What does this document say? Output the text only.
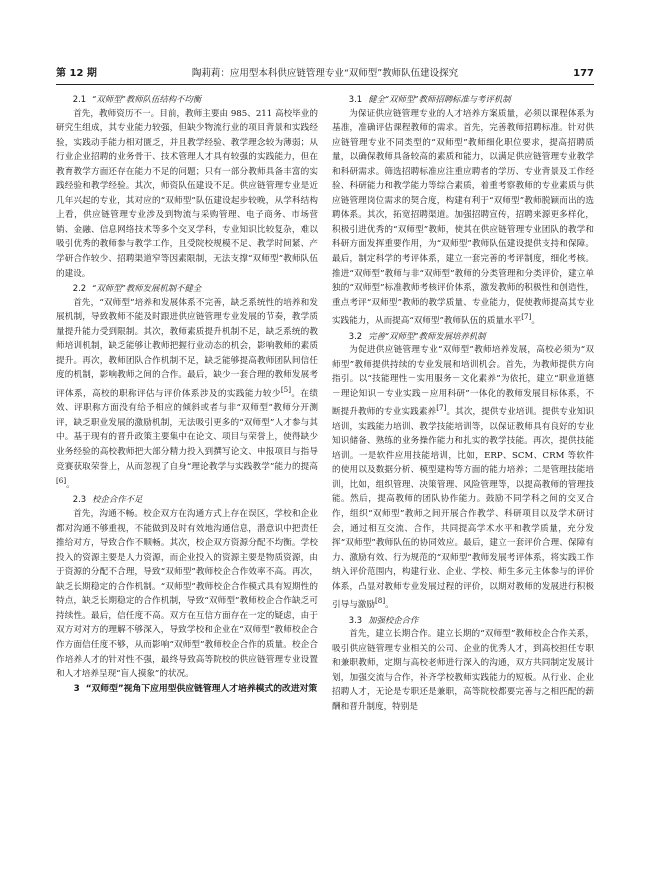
第 12 期	陶莉莉：应用型本科供应链管理专业“双师型”教师队伍建设探究	177

2.1 “双师型”教师队伍结构不均衡

首先，教师资历不一。目前，教师主要由 985、211 高校毕业的研究生组成，其专业能力较强，但缺少物流行业的项目背景和实践经验，实践动手能力相对匮乏，并且教学经验、教学理念较为薄弱；从行业企业招聘的业务骨干、技术管理人才具有较强的实践能力，但在教育教学方面还存在能力不足的问题；只有一部分教师具备丰富的实践经验和教学经验。其次，师资队伍建设不足。供应链管理专业是近几年兴起的专业，其对应的“双师型”队伍建设起步较晚，从学科结构上看，供应链管理专业涉及到物流与采购管理、电子商务、市场营销、金融、信息网络技术等多个交叉学科，专业知识比较复杂，难以吸引优秀的教师参与教学工作，且受院校规模不足、教学时间紧、产学研合作较少、招聘渠道窄等因素限制，无法支撑“双师型”教师队伍的建设。

2.2 “双师型”教师发展机制不健全

首先，“双师型”培养和发展体系不完善，缺乏系统性的培养和发展机制，导致教师不能及时跟进供应链管理专业发展的节奏，教学质量提升能力受到限制。其次，教师素质提升机制不足，缺乏系统的教师培训机制，缺乏能够让教师把握行业动态的机会，影响教师的素质提升。再次，教师团队合作机制不足，缺乏能够提高教师团队间信任度的机制，影响教师之间的合作。最后，缺少一套合理的教师发展考评体系，高校的职称评估与评价体系涉及的实践能力较少[5]。在绩效、评职称方面没有给予相应的倾斜或者与非“双师型”教师分开测评，缺乏职业发展的激励机制，无法吸引更多的“双师型”人才参与其中。基于现有的晋升政策主要集中在论文、项目与荣誉上，使得缺少业务经验的高校教师把大部分精力投入到撰写论文、申报项目与指导竞赛获取荣誉上，从而忽视了自身“理论教学与实践教学”能力的提高[6]。

2.3 校企合作不足

首先，沟通不畅。校企双方在沟通方式上存在误区，学校和企业都对沟通不够重视，不能做到及时有效地沟通信息，潜意识中把责任推给对方，导致合作不顺畅。其次，校企双方资源分配不均衡。学校投入的资源主要是人力资源，而企业投入的资源主要是物质资源，由于资源的分配不合理，导致“双师型”教师校企合作效率不高。再次，缺乏长期稳定的合作机制。“双师型”教师校企合作模式具有短期性的特点，缺乏长期稳定的合作机制，导致“双师型”教师校企合作缺乏可持续性。最后，信任度不高。双方在互信方面存在一定的疑虑，由于双方对对方的理解不够深入，导致学校和企业在“双师型”教师校企合作方面信任度不够，从而影响“双师型”教师校企合作的质量。校企合作培养人才的针对性不强，最终导致高等院校的供应链管理专业设置和人才培养呈现“盲人摸象”的状况。

3 “双师型”视角下应用型供应链管理人才培养模式的改进对策

3.1 健全“双师型”教师招聘标准与考评机制

为保证供应链管理专业的人才培养方案质量，必须以课程体系为基准，准确评估课程教师的需求。首先，完善教师招聘标准。针对供应链管理专业不同类型的“双师型”教师细化职位要求，提高招聘质量，以确保教师具备较高的素质和能力，以满足供应链管理专业教学和科研需求。筛选招聘标准应注重应聘者的学历、专业背景及工作经验、科研能力和教学能力等综合素质，着重考察教师的专业素质与供应链管理岗位需求的契合度，构建有利于“双师型”教师脱颖而出的选聘体系。其次，拓宽招聘渠道。加强招聘宣传，招聘来源更多样化，积极引进优秀的“双师型”教师，使其在供应链管理专业团队的教学和科研方面发挥重要作用，为“双师型”教师队伍建设提供支持和保障。最后，制定科学的考评体系，建立一套完善的考评制度，细化考核。推进“双师型”教师与非“双师型”教师的分类管理和分类评价，建立单独的“双师型”标准教师考核评价体系，激发教师的积极性和创造性，重点考评“双师型”教师的教学质量、专业能力，促使教师提高其专业实践能力，从而提高“双师型”教师队伍的质量水平[7]。

3.2 完善“双师型”教师发展培养机制

为促进供应链管理专业“双师型”教师培养发展，高校必须为“双师型”教师提供持续的专业发展和培训机会。首先，为教师提供方向指引。以“技能理性－实用服务－文化素养”为依托，建立“职业道德－理论知识－专业实践－应用科研”一体化的教师发展目标体系，不断提升教师的专业实践素养[7]。其次，提供专业培训。提供专业知识培训，实践能力培训、教学技能培训等，以保证教师具有良好的专业知识储备、熟练的业务操作能力和扎实的教学技能。再次，提供技能培训。一是软件应用技能培训，比如，ERP、SCM、CRM 等软件的使用以及数据分析、模型建构等方面的能力培养；二是管理技能培训，比如，组织管理、决策管理、风险管理等，以提高教师的管理技能。然后，提高教师的团队协作能力。鼓励不同学科之间的交叉合作，组织“双师型”教师之间开展合作教学、科研项目以及学术研讨会，通过相互交流、合作，共同提高学术水平和教学质量，充分发挥“双师型”教师队伍的协同效应。最后，建立一套评价合理、保障有力、激励有效、行为规范的“双师型”教师发展考评体系，将实践工作纳入评价范围内，构建行业、企业、学校、师生多元主体参与的评价体系，凸显对教师专业发展过程的评价，以期对教师的发展进行积极引导与激励[8]。

3.3 加强校企合作

首先，建立长期合作。建立长期的“双师型”教师校企合作关系，吸引供应链管理专业相关的公司、企业的优秀人才，到高校担任专职和兼职教师，定期与高校老师进行深入的沟通，双方共同制定发展计划，加强交流与合作，补齐学校教师实践能力的短板。从行业、企业招聘人才，无论是专职还是兼职，高等院校都要完善与之相匹配的薪酬和晋升制度，特别是
